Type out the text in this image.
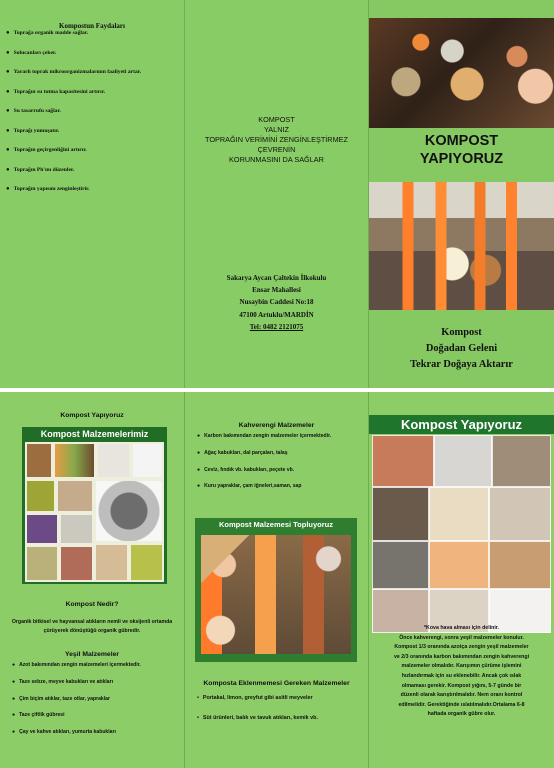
Kompostun Faydaları
● Toprağa organik madde sağlar.
● Solucanları çeker.
● Yararlı toprak mikroorganizmalarının faaliyeti artar.
● Toprağın su tutma kapasitesini artırır.
● Su tasarrufu sağlar.
● Toprağı yumuşatır.
● Toprağın geçirgenliğini artırır.
● Toprağın Ph'ını düzenler.
● Toprağın yapısını zenginleştirir.
KOMPOST
YALNIZ
TOPRAĞIN VERİMİNİ ZENGİNLEŞTİRMEZ
ÇEVRENİN
KORUNMASINI DA SAĞLAR
Sakarya Aycan Çaltekin İlkokulu
Ensar Mahallesi
Nusaybin Caddesi No:18
47100 Artuklu/MARDİN
Tel: 0482 2121075
KOMPOST
YAPIYORUZ
Kompost
Doğadan Geleni
Tekrar Doğaya Aktarır
Kompost Yapıyoruz
Kompost Malzemelerimiz
Kompost Nedir?
Organik bitkisel ve hayvansal atıkların nemli ve oksijenli ortamda çürüyerek dönüştüğü organik gübredir.
Yeşil Malzemeler
● Azot bakımından zengin malzemeleri içermektedir.
● Taze sebze, meyve kabukları ve atıkları
● Çim biçim atıklar, taze otlar, yapraklar
● Taze çiftlik gübresi
● Çay ve kahve atıkları, yumurta kabukları
Kahverengi Malzemeler
● Karbon bakımından zengin malzemeler içermektedir.
● Ağaç kabukları, dal parçaları, talaş
● Ceviz, fındık vb. kabukları, peçete vb.
● Kuru yapraklar, çam iğneleri,saman, sap
Kompost Malzemesi Topluyoruz
Komposta Eklenmemesi Gereken Malzemeler
• Portakal, limon, greyfut gibi asitli meyveler
• Süt ürünleri, balık ve tavuk atıkları, kemik vb.
Kompost Yapıyoruz
*Kova hava alması için delinir.
Önce kahverengi, sonra yeşil malzemeler konulur.
Kompost 1/3 oranında azotça zengin yeşil malzemeler
ve 2/3 oranında karbon bakımından zengin kahverengi
malzemeler olmalıdır. Karışımın çürüme işlemini
hızlandırmak için su eklenebilir. Ancak çok ıslak
olmaması gerekir. Kompost yığını, 5-7 günde bir
düzenli olarak karıştırılmalıdır. Nem oranı kontrol
edilmelidir. Gerektiğinde ıslatılmalıdır.Ortalama 6-8
haftada organik gübre olur.
